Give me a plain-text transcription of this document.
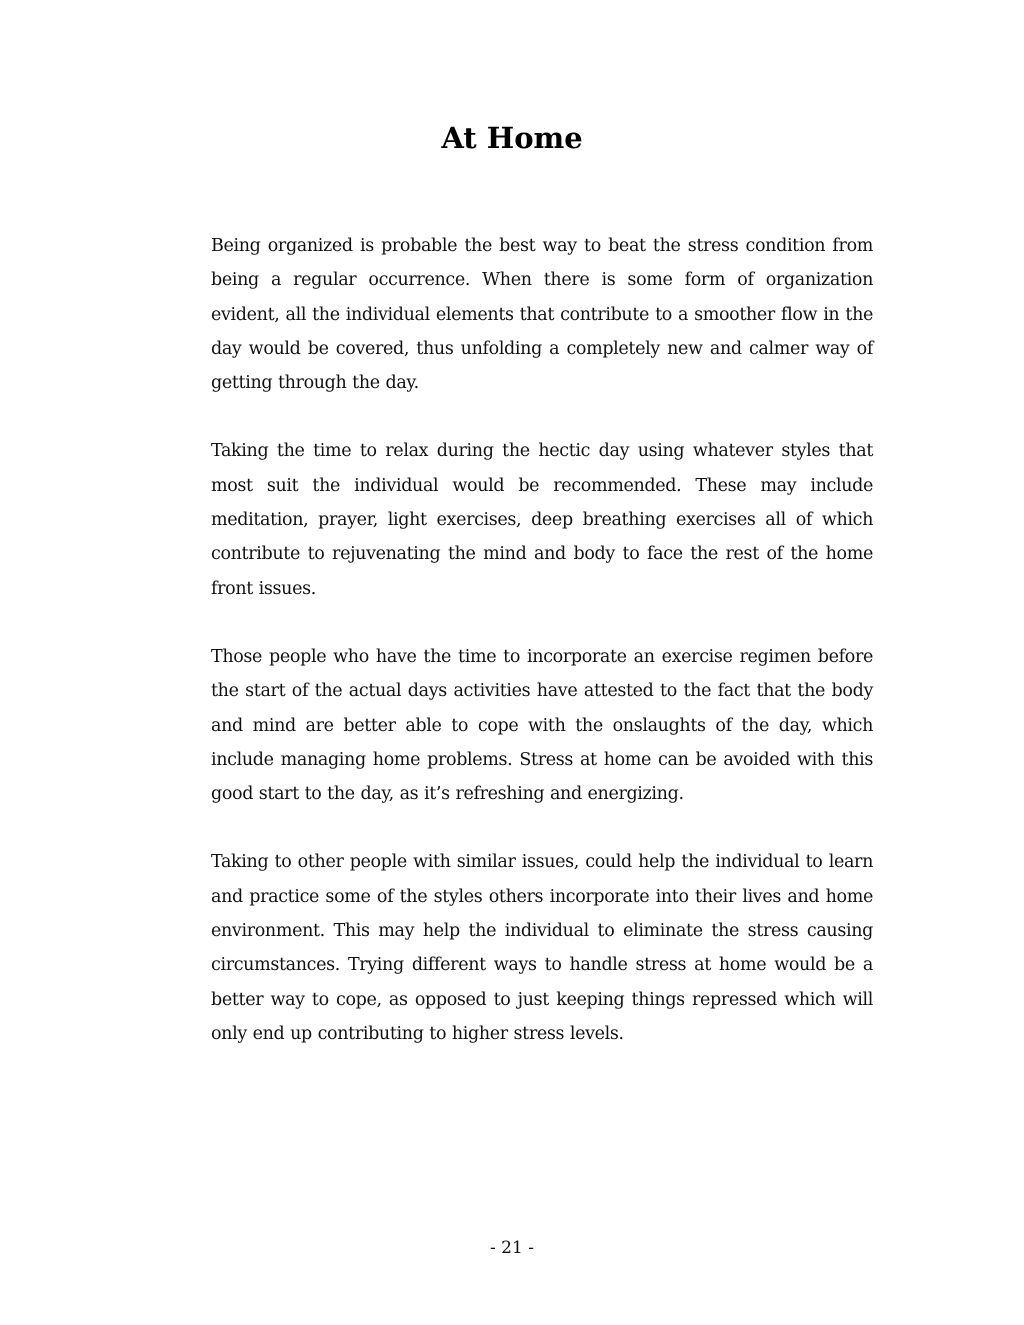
At Home

Being organized is probable the best way to beat the stress condition from being a regular occurrence. When there is some form of organization evident, all the individual elements that contribute to a smoother flow in the day would be covered, thus unfolding a completely new and calmer way of getting through the day.

Taking the time to relax during the hectic day using whatever styles that most suit the individual would be recommended. These may include meditation, prayer, light exercises, deep breathing exercises all of which contribute to rejuvenating the mind and body to face the rest of the home front issues.

Those people who have the time to incorporate an exercise regimen before the start of the actual days activities have attested to the fact that the body and mind are better able to cope with the onslaughts of the day, which include managing home problems. Stress at home can be avoided with this good start to the day, as it’s refreshing and energizing.

Taking to other people with similar issues, could help the individual to learn and practice some of the styles others incorporate into their lives and home environment. This may help the individual to eliminate the stress causing circumstances. Trying different ways to handle stress at home would be a better way to cope, as opposed to just keeping things repressed which will only end up contributing to higher stress levels.

- 21 -
